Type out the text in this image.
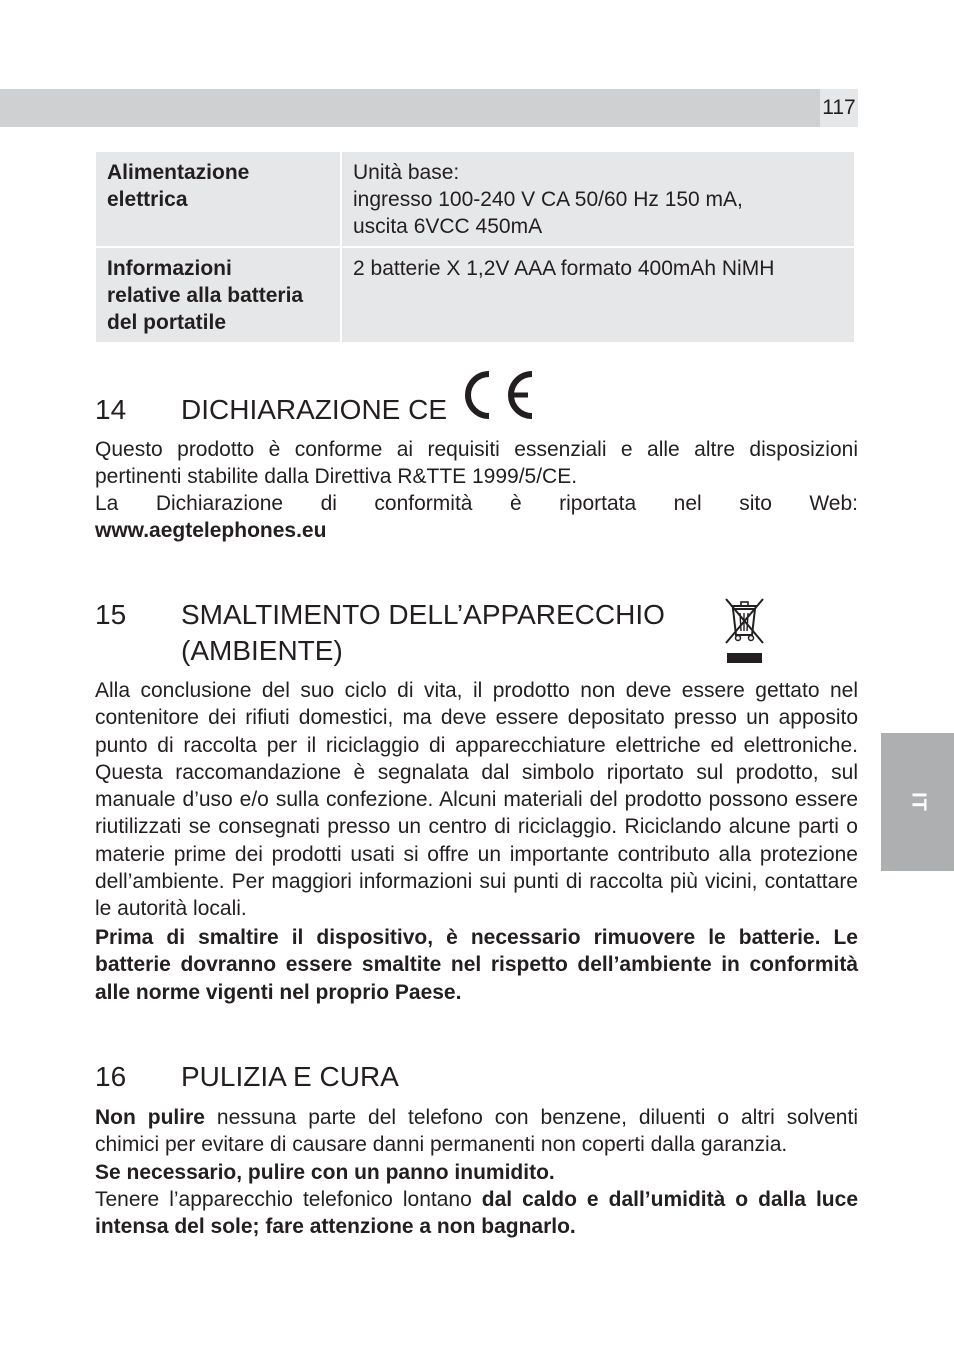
117
IT
Alimentazione
elettrica	Unità base:
ingresso 100-240 V CA 50/60 Hz 150 mA,
uscita 6VCC 450mA

Informazioni
relative alla batteria
del portatile	2 batterie X 1,2V AAA formato 400mAh NiMH
14 DICHIARAZIONE CE

Questo prodotto è conforme ai requisiti essenziali e alle altre disposizioni pertinenti stabilite dalla Direttiva R&TTE 1999/5/CE.

La Dichiarazione di conformità è riportata nel sito Web:
www.aegtelephones.eu

15 SMALTIMENTO DELL’APPARECCHIO
(AMBIENTE)

Alla conclusione del suo ciclo di vita, il prodotto non deve essere gettato nel contenitore dei rifiuti domestici, ma deve essere depositato presso un apposito punto di raccolta per il riciclaggio di apparecchiature elettriche ed elettroniche. Questa raccomandazione è segnalata dal simbolo riportato sul prodotto, sul manuale d’uso e/o sulla confezione. Alcuni materiali del prodotto possono essere riutilizzati se consegnati presso un centro di riciclaggio. Riciclando alcune parti o materie prime dei prodotti usati si offre un importante contributo alla protezione dell’ambiente. Per maggiori informazioni sui punti di raccolta più vicini, contattare le autorità locali.

Prima di smaltire il dispositivo, è necessario rimuovere le batterie. Le batterie dovranno essere smaltite nel rispetto dell’ambiente in conformità alle norme vigenti nel proprio Paese.

16 PULIZIA E CURA

Non pulire nessuna parte del telefono con benzene, diluenti o altri solventi chimici per evitare di causare danni permanenti non coperti dalla garanzia.

Se necessario, pulire con un panno inumidito.

Tenere l’apparecchio telefonico lontano dal caldo e dall’umidità o dalla luce intensa del sole; fare attenzione a non bagnarlo.
